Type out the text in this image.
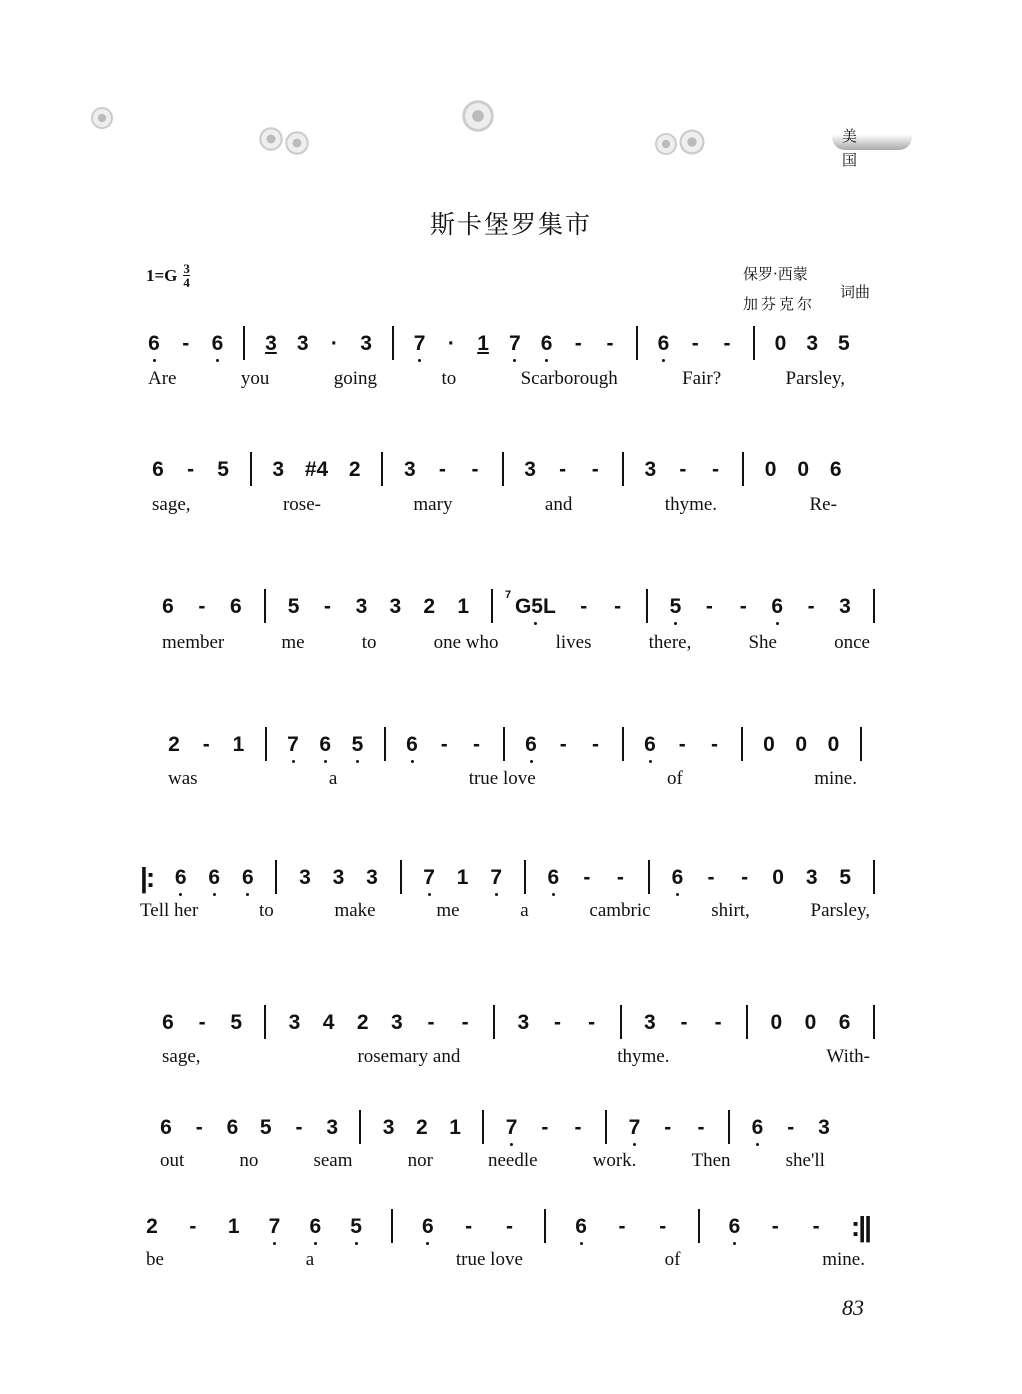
美 国
斯卡堡罗集市
$1=G \frac{3}{4}$	保罗·西蒙
加芬克尔
词曲
6 - 6 3 3 · 3 7 · 1 7 6 - - 6 - - 0 3 5
Are	you	going	to	Scarborough	Fair?	Parsley,
6 - 5 3 #4 2 3 - - 3 - - 3 - - 0 0 6
sage,	rose-	mary	and	thyme.	Re-
6 - 6 5 - 3 3 2 1	7 G5L - - 5 - - 6 - 3
member	me	to	one who	lives	there,	She	once
2 - 1 7 6 5 6 - - 6 - - 6 - - 0 0 0
was	a	true love	of	mine.
|: 6 6 6 3 3 3 7 1 7 6 - - 6 - - 0 3 5
Tell her	to	make	me	a	cambric	shirt,	Parsley,
6 - 5 3 4 2 3 - - 3 - - 3 - - 0 0 6
sage,	rosemary and	thyme.	With-
6 - 6 5 - 3 3 2 1 7 - - 7 - - 6 - 3
out	no	seam	nor	needle	work.	Then	she'll
2 - 1 7 6 5	6 - -	6 - -	6 - - :||
be	a	true love	of	mine.
83
